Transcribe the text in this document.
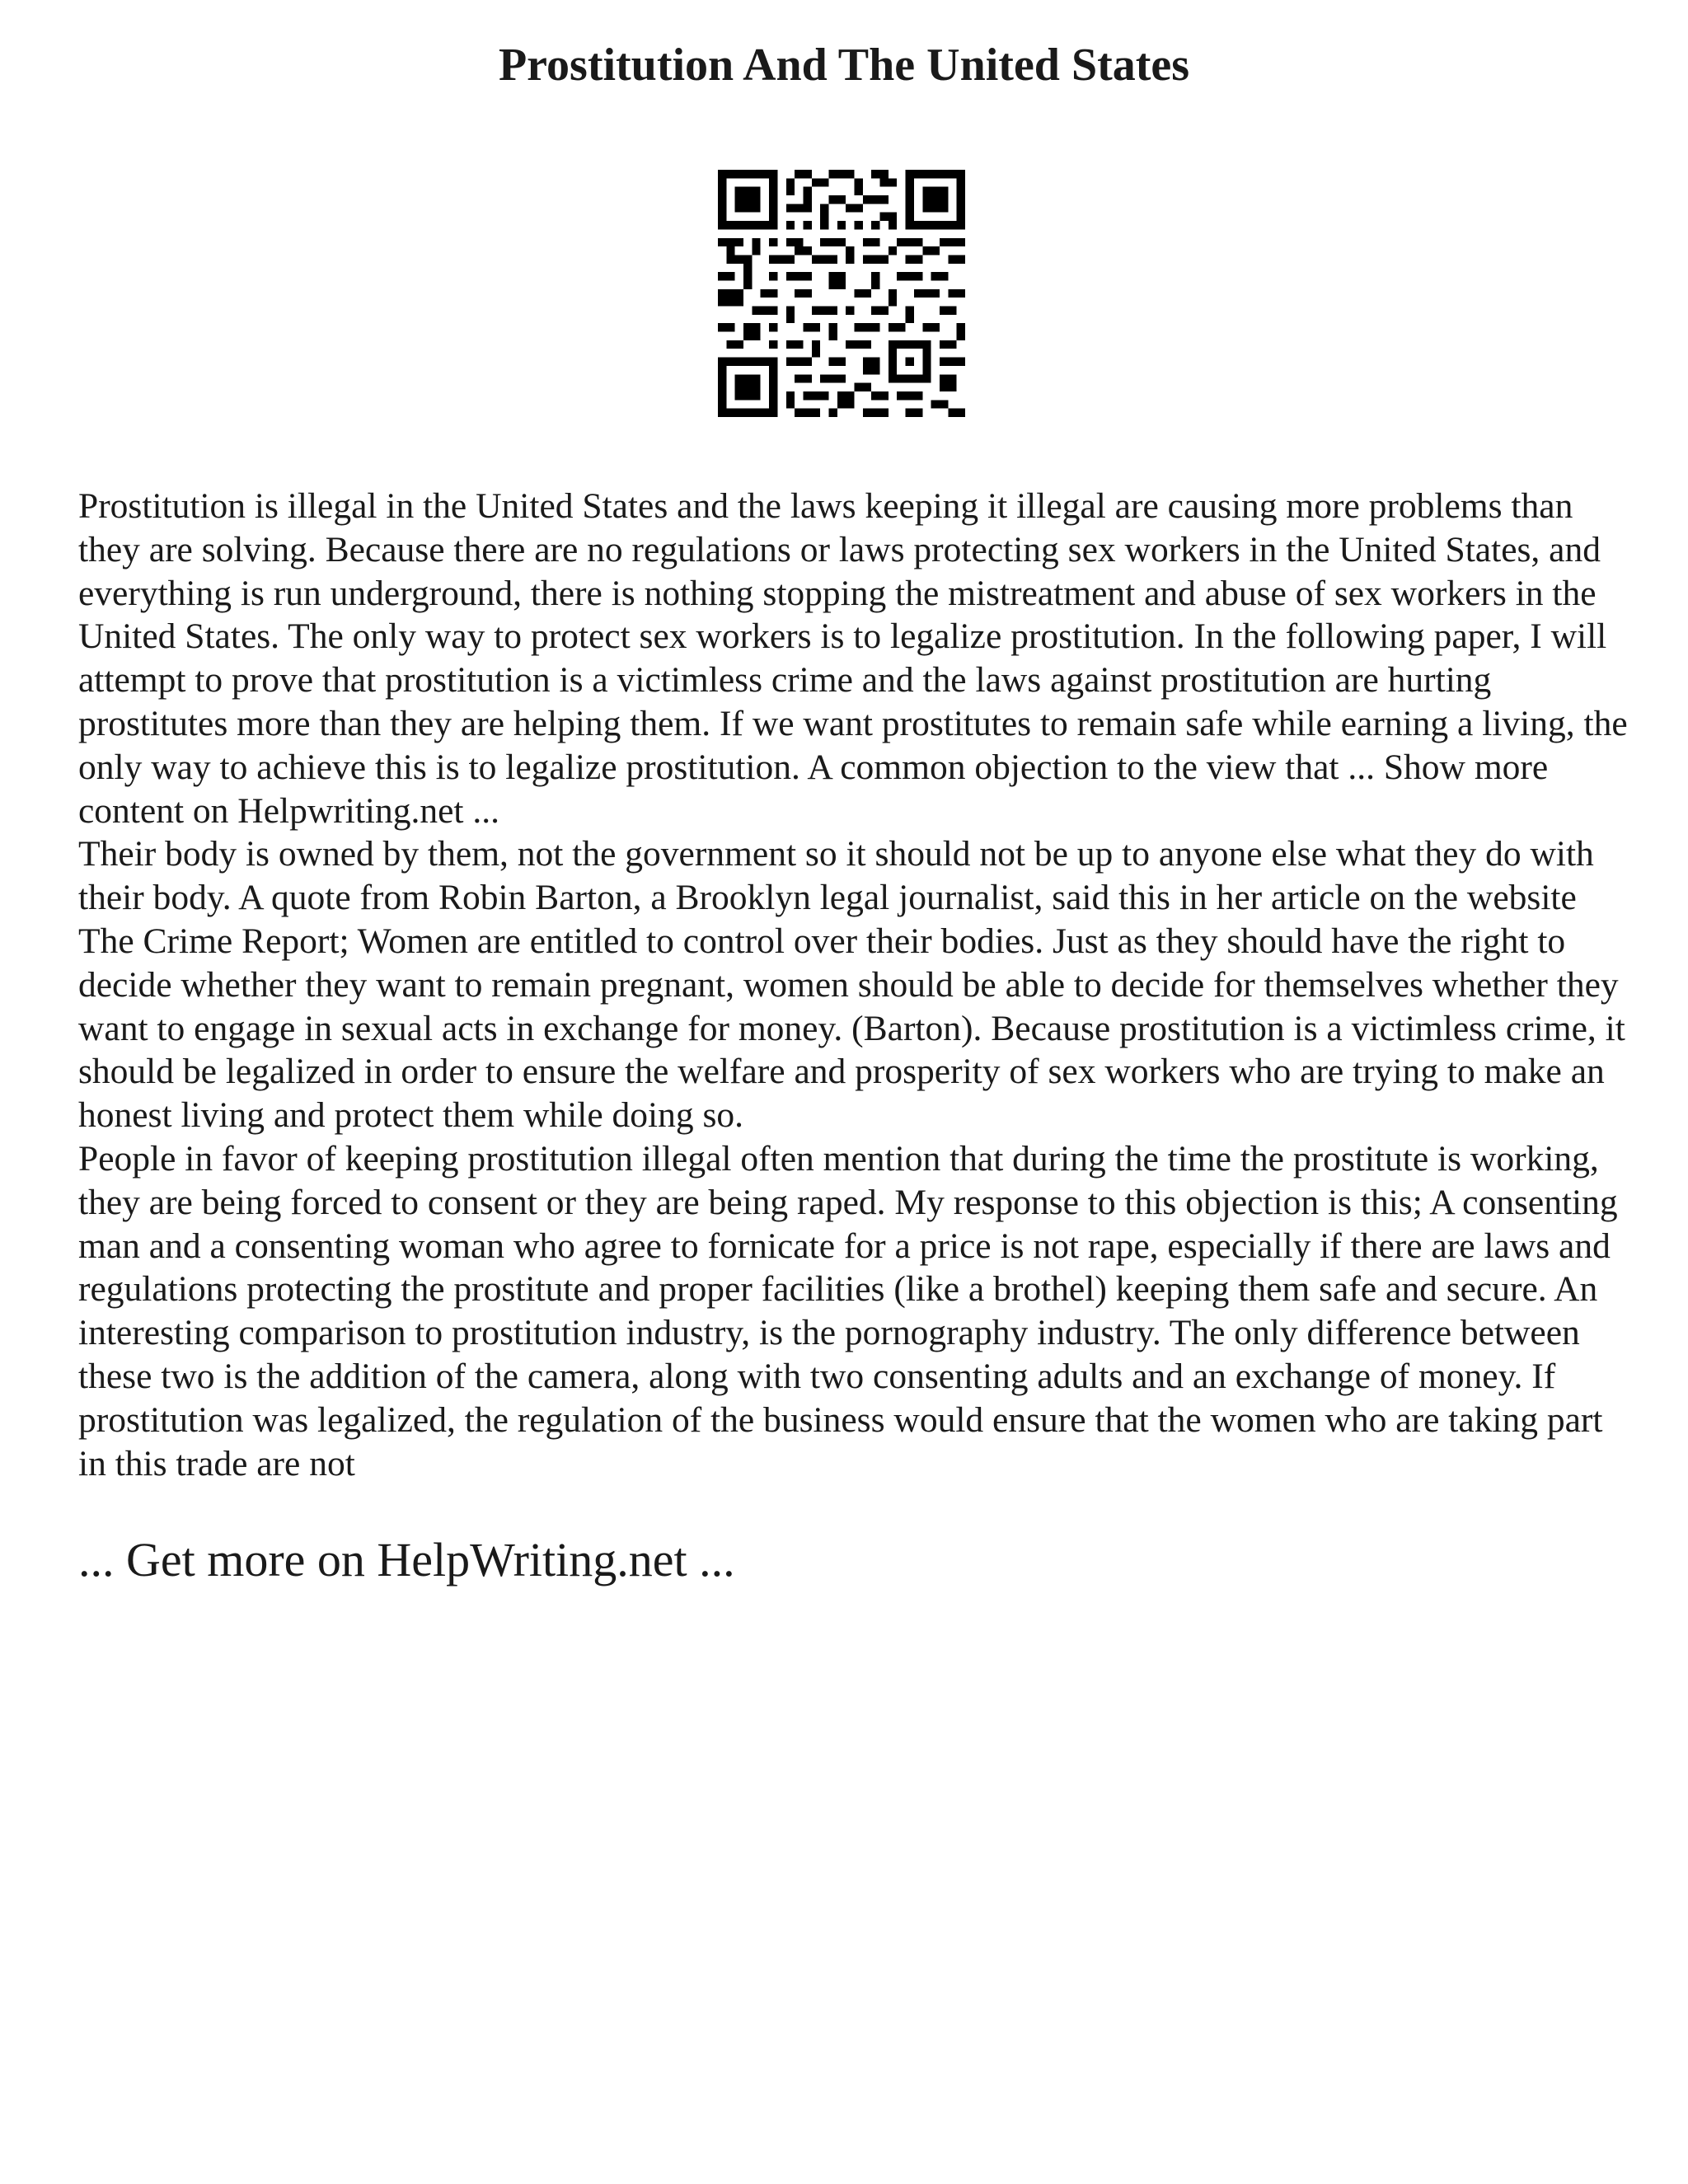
Prostitution And The United States

Prostitution is illegal in the United States and the laws keeping it illegal are causing more problems than they are solving. Because there are no regulations or laws protecting sex workers in the United States, and everything is run underground, there is nothing stopping the mistreatment and abuse of sex workers in the United States. The only way to protect sex workers is to legalize prostitution. In the following paper, I will attempt to prove that prostitution is a victimless crime and the laws against prostitution are hurting prostitutes more than they are helping them. If we want prostitutes to remain safe while earning a living, the only way to achieve this is to legalize prostitution. A common objection to the view that ... Show more content on Helpwriting.net ...

Their body is owned by them, not the government so it should not be up to anyone else what they do with their body. A quote from Robin Barton, a Brooklyn legal journalist, said this in her article on the website The Crime Report; Women are entitled to control over their bodies. Just as they should have the right to decide whether they want to remain pregnant, women should be able to decide for themselves whether they want to engage in sexual acts in exchange for money. (Barton). Because prostitution is a victimless crime, it should be legalized in order to ensure the welfare and prosperity of sex workers who are trying to make an honest living and protect them while doing so.

People in favor of keeping prostitution illegal often mention that during the time the prostitute is working, they are being forced to consent or they are being raped. My response to this objection is this; A consenting man and a consenting woman who agree to fornicate for a price is not rape, especially if there are laws and regulations protecting the prostitute and proper facilities (like a brothel) keeping them safe and secure. An interesting comparison to prostitution industry, is the pornography industry. The only difference between these two is the addition of the camera, along with two consenting adults and an exchange of money. If prostitution was legalized, the regulation of the business would ensure that the women who are taking part in this trade are not

... Get more on HelpWriting.net ...
